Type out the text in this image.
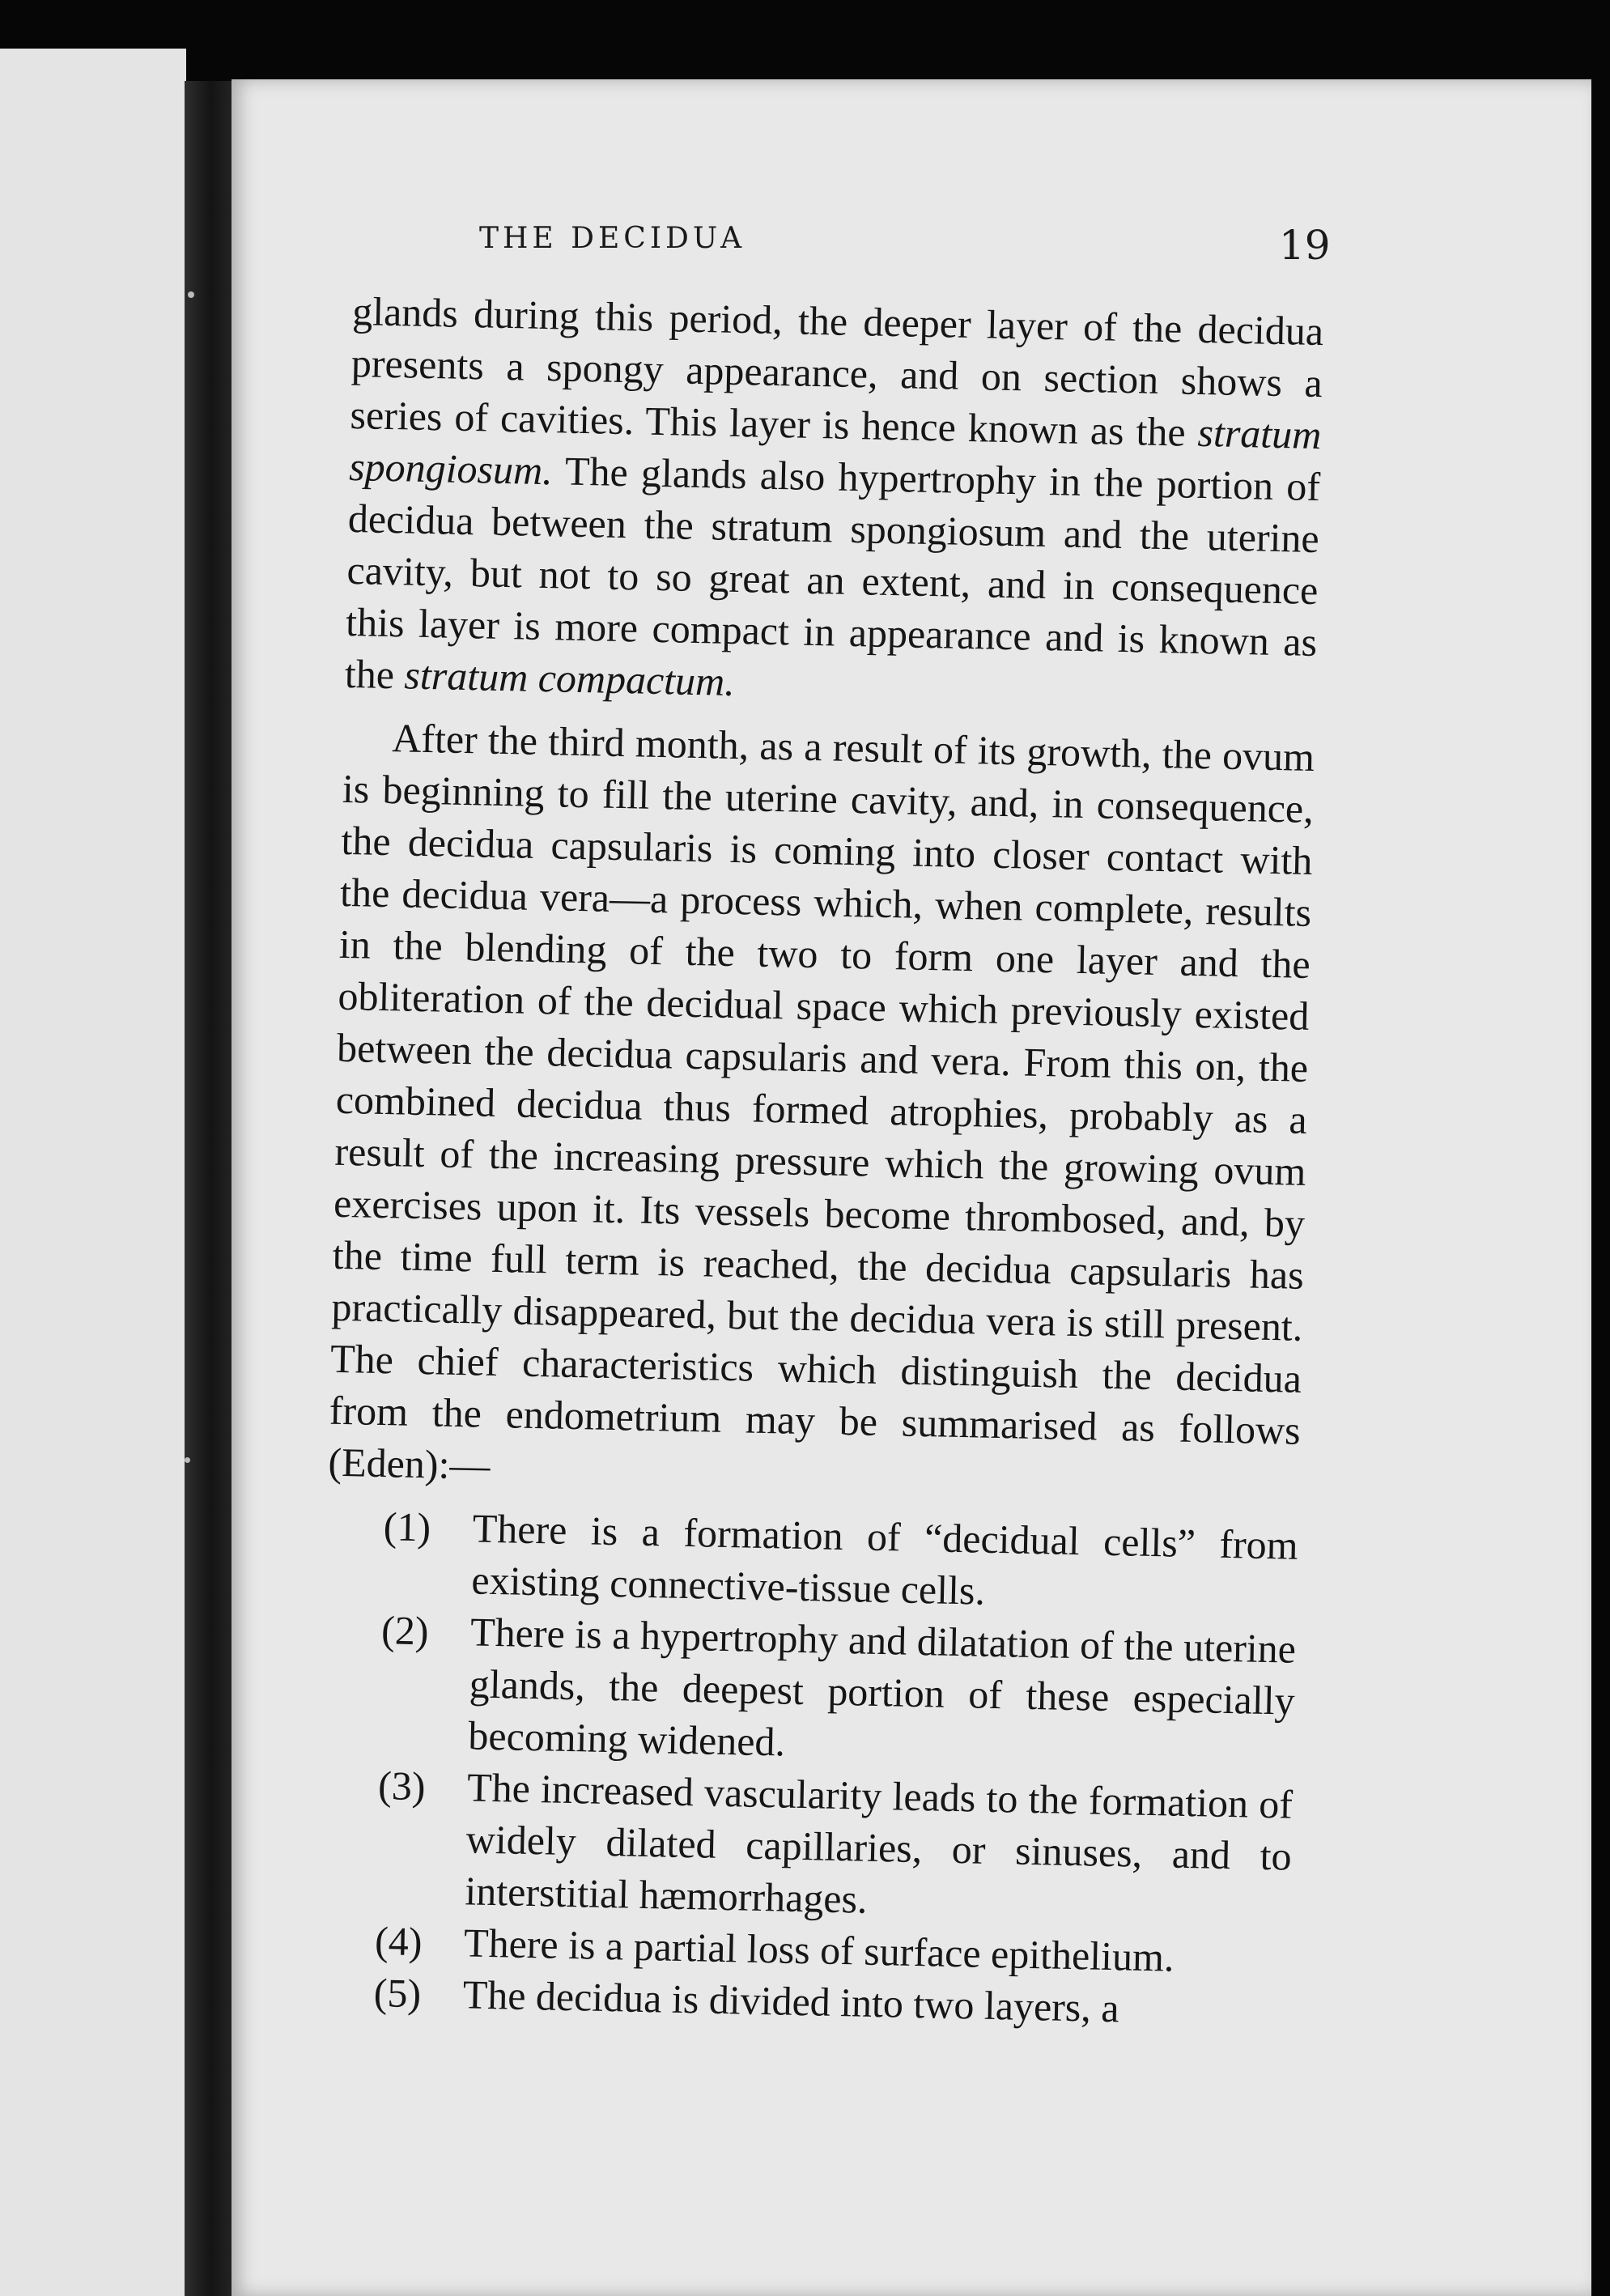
THE DECIDUA	19

glands during this period, the deeper layer of the decidua presents a spongy appearance, and on section shows a series of cavities. This layer is hence known as the stratum spongiosum. The glands also hypertrophy in the portion of decidua between the stratum spongiosum and the uterine cavity, but not to so great an extent, and in consequence this layer is more compact in appearance and is known as the stratum compactum.

After the third month, as a result of its growth, the ovum is beginning to fill the uterine cavity, and, in consequence, the decidua capsularis is coming into closer contact with the decidua vera—a process which, when complete, results in the blending of the two to form one layer and the obliteration of the decidual space which previously existed between the decidua capsularis and vera. From this on, the combined decidua thus formed atrophies, probably as a result of the increasing pressure which the growing ovum exercises upon it. Its vessels become thrombosed, and, by the time full term is reached, the decidua capsularis has practically disappeared, but the decidua vera is still present. The chief characteristics which distinguish the decidua from the endometrium may be summarised as follows (Eden):—

(1) There is a formation of “decidual cells” from existing connective-tissue cells.
(2) There is a hypertrophy and dilatation of the uterine glands, the deepest portion of these especially becoming widened.
(3) The increased vascularity leads to the formation of widely dilated capillaries, or sinuses, and to interstitial hæmorrhages.
(4) There is a partial loss of surface epithelium.
(5) The decidua is divided into two layers, a
